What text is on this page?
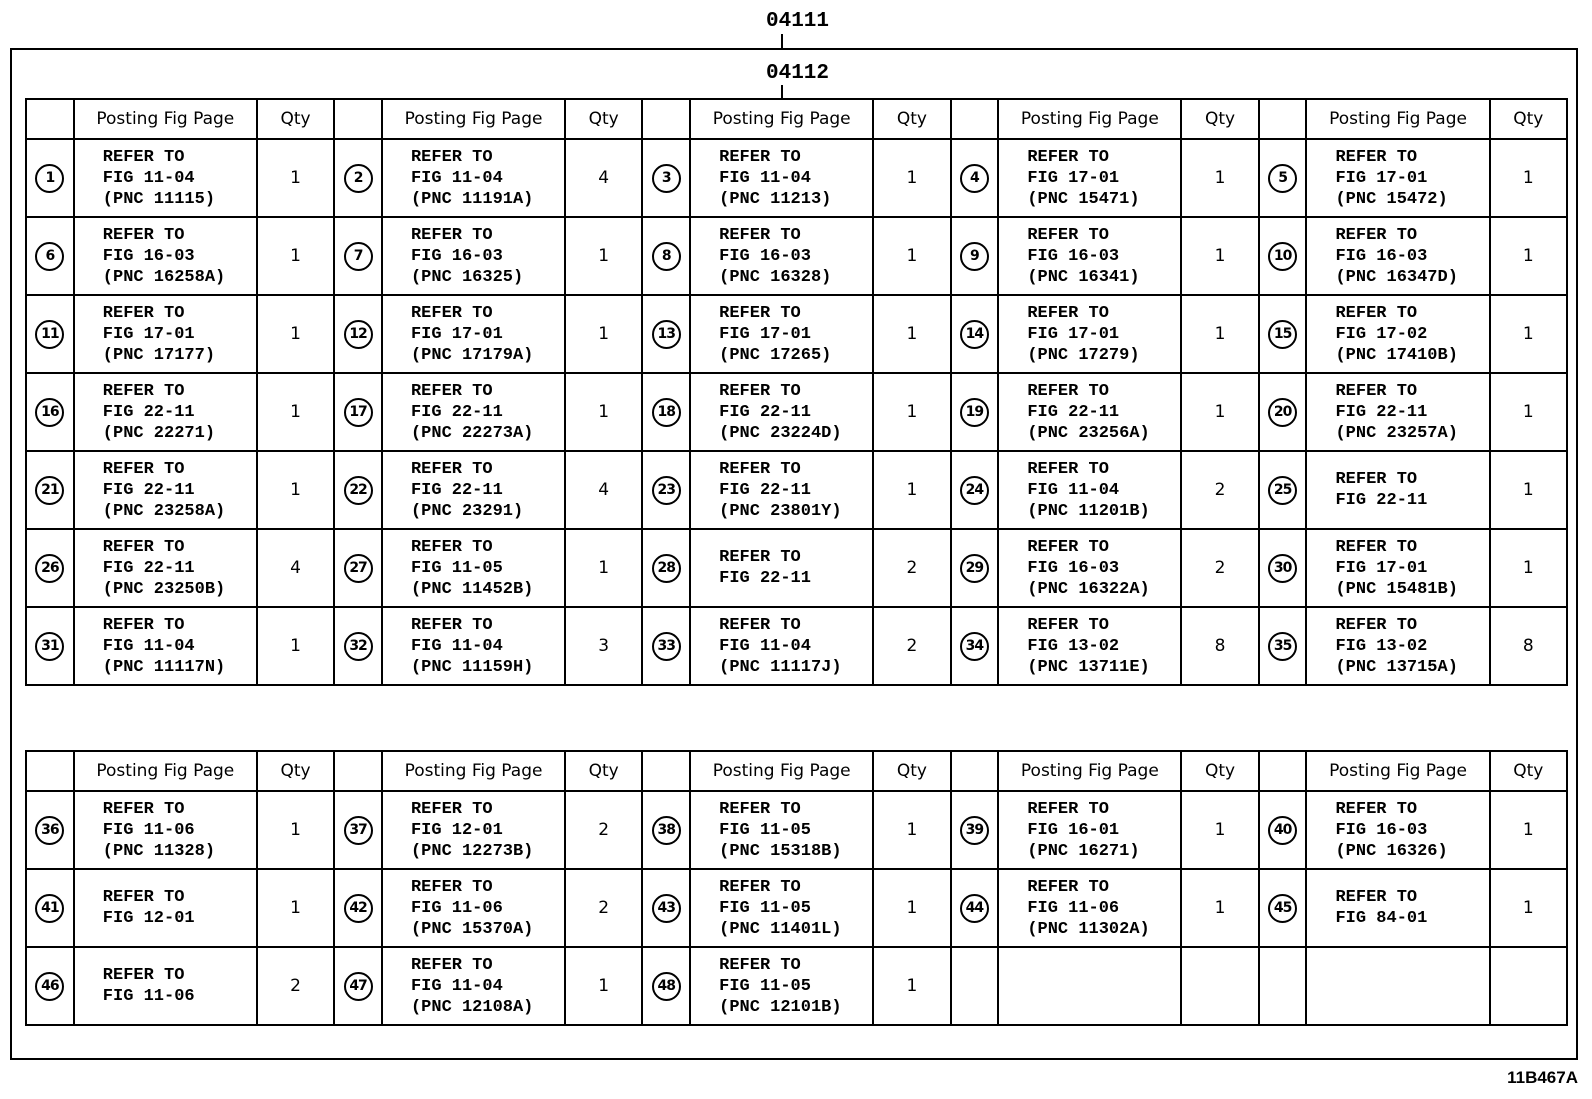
04111
04112
	Posting Fig Page	Qty		Posting Fig Page	Qty		Posting Fig Page	Qty		Posting Fig Page	Qty		Posting Fig Page	Qty
1	REFER TO
FIG 11-04
(PNC 11115)	1	2	REFER TO
FIG 11-04
(PNC 11191A)	4	3	REFER TO
FIG 11-04
(PNC 11213)	1	4	REFER TO
FIG 17-01
(PNC 15471)	1	5	REFER TO
FIG 17-01
(PNC 15472)	1
6	REFER TO
FIG 16-03
(PNC 16258A)	1	7	REFER TO
FIG 16-03
(PNC 16325)	1	8	REFER TO
FIG 16-03
(PNC 16328)	1	9	REFER TO
FIG 16-03
(PNC 16341)	1	10	REFER TO
FIG 16-03
(PNC 16347D)	1
11	REFER TO
FIG 17-01
(PNC 17177)	1	12	REFER TO
FIG 17-01
(PNC 17179A)	1	13	REFER TO
FIG 17-01
(PNC 17265)	1	14	REFER TO
FIG 17-01
(PNC 17279)	1	15	REFER TO
FIG 17-02
(PNC 17410B)	1
16	REFER TO
FIG 22-11
(PNC 22271)	1	17	REFER TO
FIG 22-11
(PNC 22273A)	1	18	REFER TO
FIG 22-11
(PNC 23224D)	1	19	REFER TO
FIG 22-11
(PNC 23256A)	1	20	REFER TO
FIG 22-11
(PNC 23257A)	1
21	REFER TO
FIG 22-11
(PNC 23258A)	1	22	REFER TO
FIG 22-11
(PNC 23291)	4	23	REFER TO
FIG 22-11
(PNC 23801Y)	1	24	REFER TO
FIG 11-04
(PNC 11201B)	2	25	REFER TO
FIG 22-11	1
26	REFER TO
FIG 22-11
(PNC 23250B)	4	27	REFER TO
FIG 11-05
(PNC 11452B)	1	28	REFER TO
FIG 22-11	2	29	REFER TO
FIG 16-03
(PNC 16322A)	2	30	REFER TO
FIG 17-01
(PNC 15481B)	1
31	REFER TO
FIG 11-04
(PNC 11117N)	1	32	REFER TO
FIG 11-04
(PNC 11159H)	3	33	REFER TO
FIG 11-04
(PNC 11117J)	2	34	REFER TO
FIG 13-02
(PNC 13711E)	8	35	REFER TO
FIG 13-02
(PNC 13715A)	8
	Posting Fig Page	Qty		Posting Fig Page	Qty		Posting Fig Page	Qty		Posting Fig Page	Qty		Posting Fig Page	Qty
36	REFER TO
FIG 11-06
(PNC 11328)	1	37	REFER TO
FIG 12-01
(PNC 12273B)	2	38	REFER TO
FIG 11-05
(PNC 15318B)	1	39	REFER TO
FIG 16-01
(PNC 16271)	1	40	REFER TO
FIG 16-03
(PNC 16326)	1
41	REFER TO
FIG 12-01	1	42	REFER TO
FIG 11-06
(PNC 15370A)	2	43	REFER TO
FIG 11-05
(PNC 11401L)	1	44	REFER TO
FIG 11-06
(PNC 11302A)	1	45	REFER TO
FIG 84-01	1
46	REFER TO
FIG 11-06	2	47	REFER TO
FIG 11-04
(PNC 12108A)	1	48	REFER TO
FIG 11-05
(PNC 12101B)	1						
11B467A
